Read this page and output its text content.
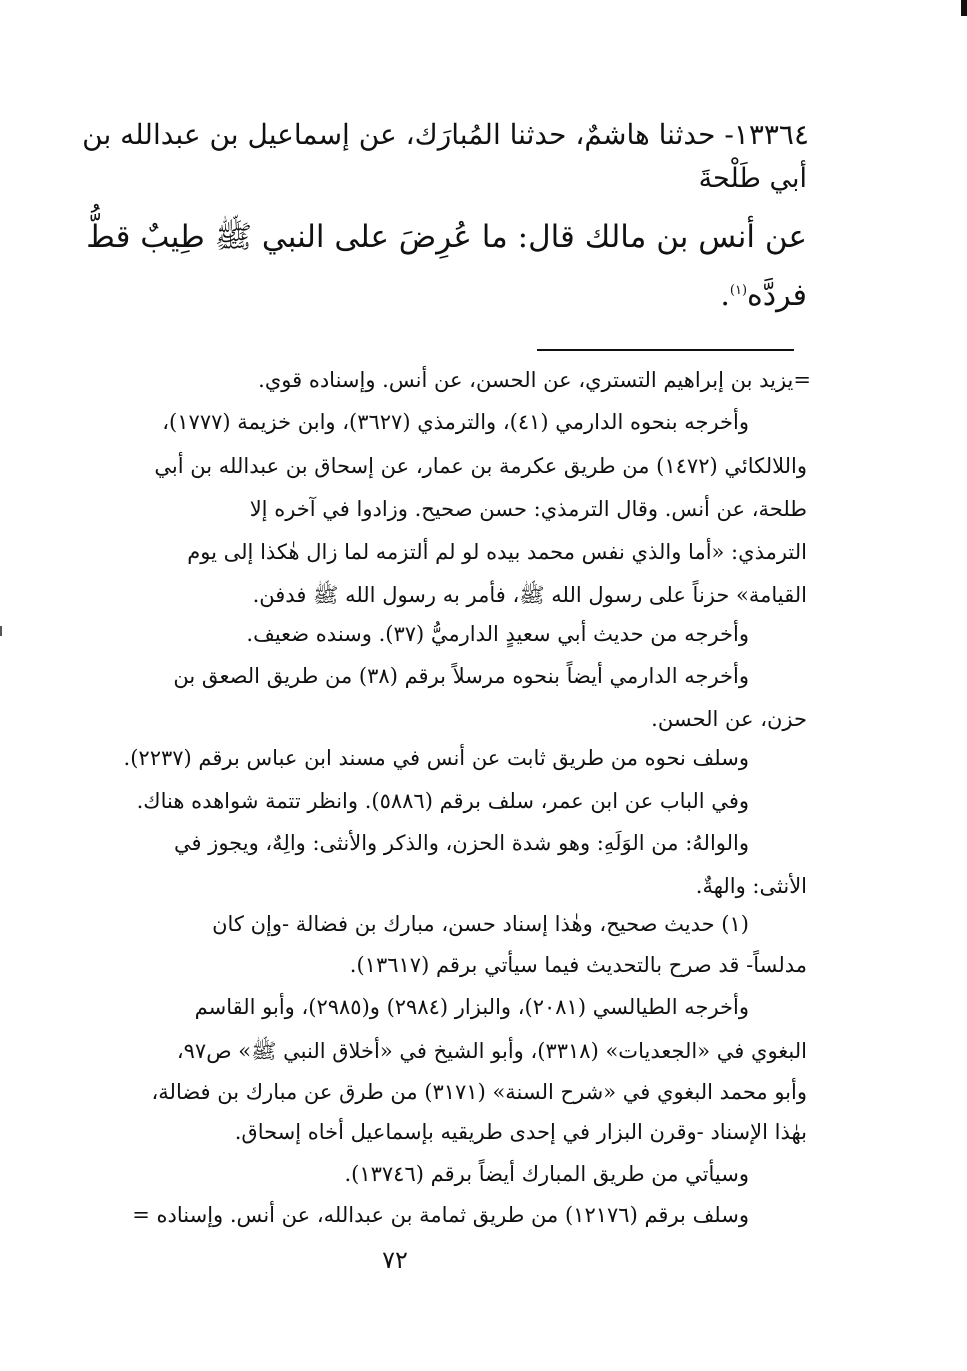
١٣٣٦٤- حدثنا هاشمٌ، حدثنا المُبارَك، عن إسماعيل بن عبدالله بن
أبي طَلْحةَ
عن أنس بن مالك قال: ما عُرِضَ على النبي ﷺ طِيبٌ قطُّ
فردَّه$^{(١)}$.
=يزيد بن إبراهيم التستري، عن الحسن، عن أنس. وإسناده قوي.
وأخرجه بنحوه الدارمي (٤١)، والترمذي (٣٦٢٧)، وابن خزيمة (١٧٧٧)،
واللالكائي (١٤٧٢) من طريق عكرمة بن عمار، عن إسحاق بن عبدالله بن أبي
طلحة، عن أنس. وقال الترمذي: حسن صحيح. وزادوا في آخره إلا
الترمذي: «أما والذي نفس محمد بيده لو لم ألتزمه لما زال هٰكذا إلى يوم
القيامة» حزناً على رسول الله ﷺ، فأمر به رسول الله ﷺ فدفن.
وأخرجه من حديث أبي سعيدٍ الدارميُّ (٣٧). وسنده ضعيف.
وأخرجه الدارمي أيضاً بنحوه مرسلاً برقم (٣٨) من طريق الصعق بن
حزن، عن الحسن.
وسلف نحوه من طريق ثابت عن أنس في مسند ابن عباس برقم (٢٢٣٧).
وفي الباب عن ابن عمر، سلف برقم (٥٨٨٦). وانظر تتمة شواهده هناك.
والوالهُ: من الوَلَهِ: وهو شدة الحزن، والذكر والأنثى: والِهٌ، ويجوز في
الأنثى: والهةٌ.
(١) حديث صحيح، وهٰذا إسناد حسن، مبارك بن فضالة -وإن كان
مدلساً- قد صرح بالتحديث فيما سيأتي برقم (١٣٦١٧).
وأخرجه الطيالسي (٢٠٨١)، والبزار (٢٩٨٤) و(٢٩٨٥)، وأبو القاسم
البغوي في «الجعديات» (٣٣١٨)، وأبو الشيخ في «أخلاق النبي ﷺ» ص٩٧،
وأبو محمد البغوي في «شرح السنة» (٣١٧١) من طرق عن مبارك بن فضالة،
بهٰذا الإسناد -وقرن البزار في إحدى طريقيه بإسماعيل أخاه إسحاق.
وسيأتي من طريق المبارك أيضاً برقم (١٣٧٤٦).
وسلف برقم (١٢١٧٦) من طريق ثمامة بن عبدالله، عن أنس. وإسناده =
٧٢
